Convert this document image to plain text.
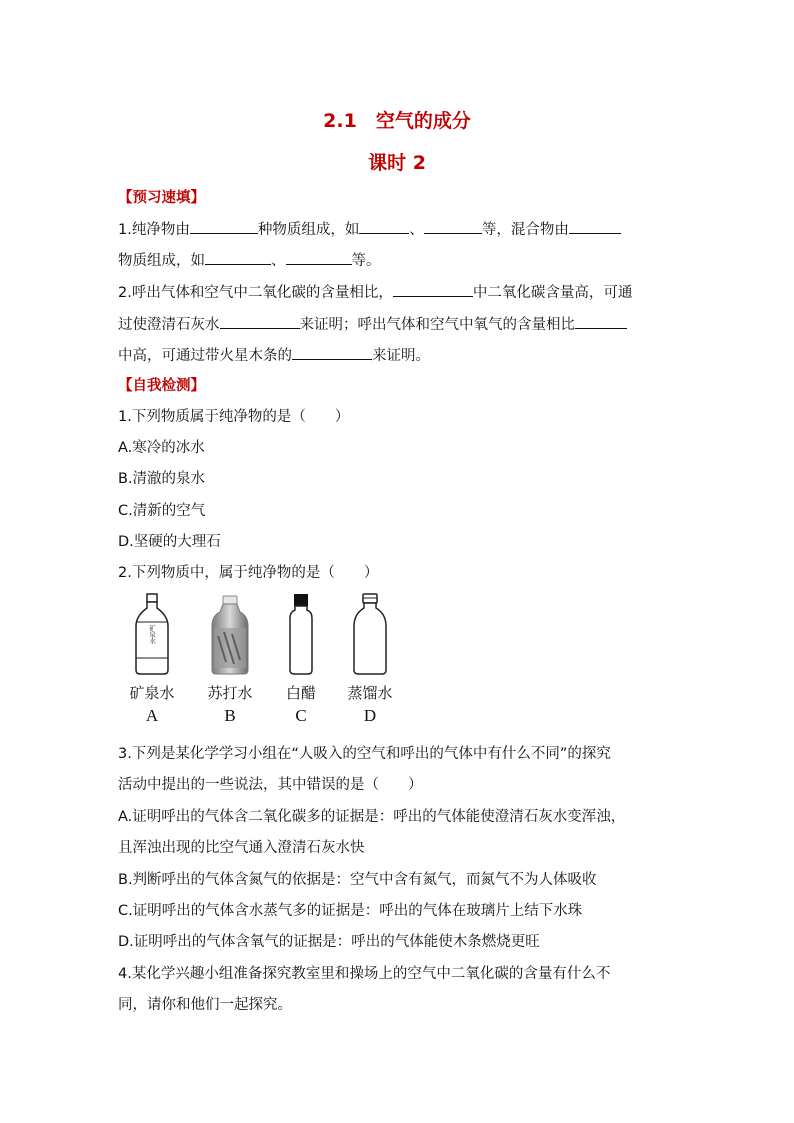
2.1　空气的成分
课时 2
【预习速填】
1.纯净物由	种物质组成，如	、	等，混合物由
物质组成，如	、	等。
2.呼出气体和空气中二氧化碳的含量相比，	中二氧化碳含量高，可通
过使澄清石灰水	来证明；呼出气体和空气中氧气的含量相比
中高，可通过带火星木条的	来证明。
【自我检测】
1.下列物质属于纯净物的是（　　）
A.寒冷的冰水
B.清澈的泉水
C.清新的空气
D.坚硬的大理石
2.下列物质中，属于纯净物的是（　　）
矿泉水
矿泉水	苏打水	白醋	蒸馏水
A	B	C	D
3.下列是某化学学习小组在“人吸入的空气和呼出的气体中有什么不同”的探究
活动中提出的一些说法，其中错误的是（　　）
A.证明呼出的气体含二氧化碳多的证据是：呼出的气体能使澄清石灰水变浑浊，
且浑浊出现的比空气通入澄清石灰水快
B.判断呼出的气体含氮气的依据是：空气中含有氮气，而氮气不为人体吸收
C.证明呼出的气体含水蒸气多的证据是：呼出的气体在玻璃片上结下水珠
D.证明呼出的气体含氧气的证据是：呼出的气体能使木条燃烧更旺
4.某化学兴趣小组准备探究教室里和操场上的空气中二氧化碳的含量有什么不
同，请你和他们一起探究。
